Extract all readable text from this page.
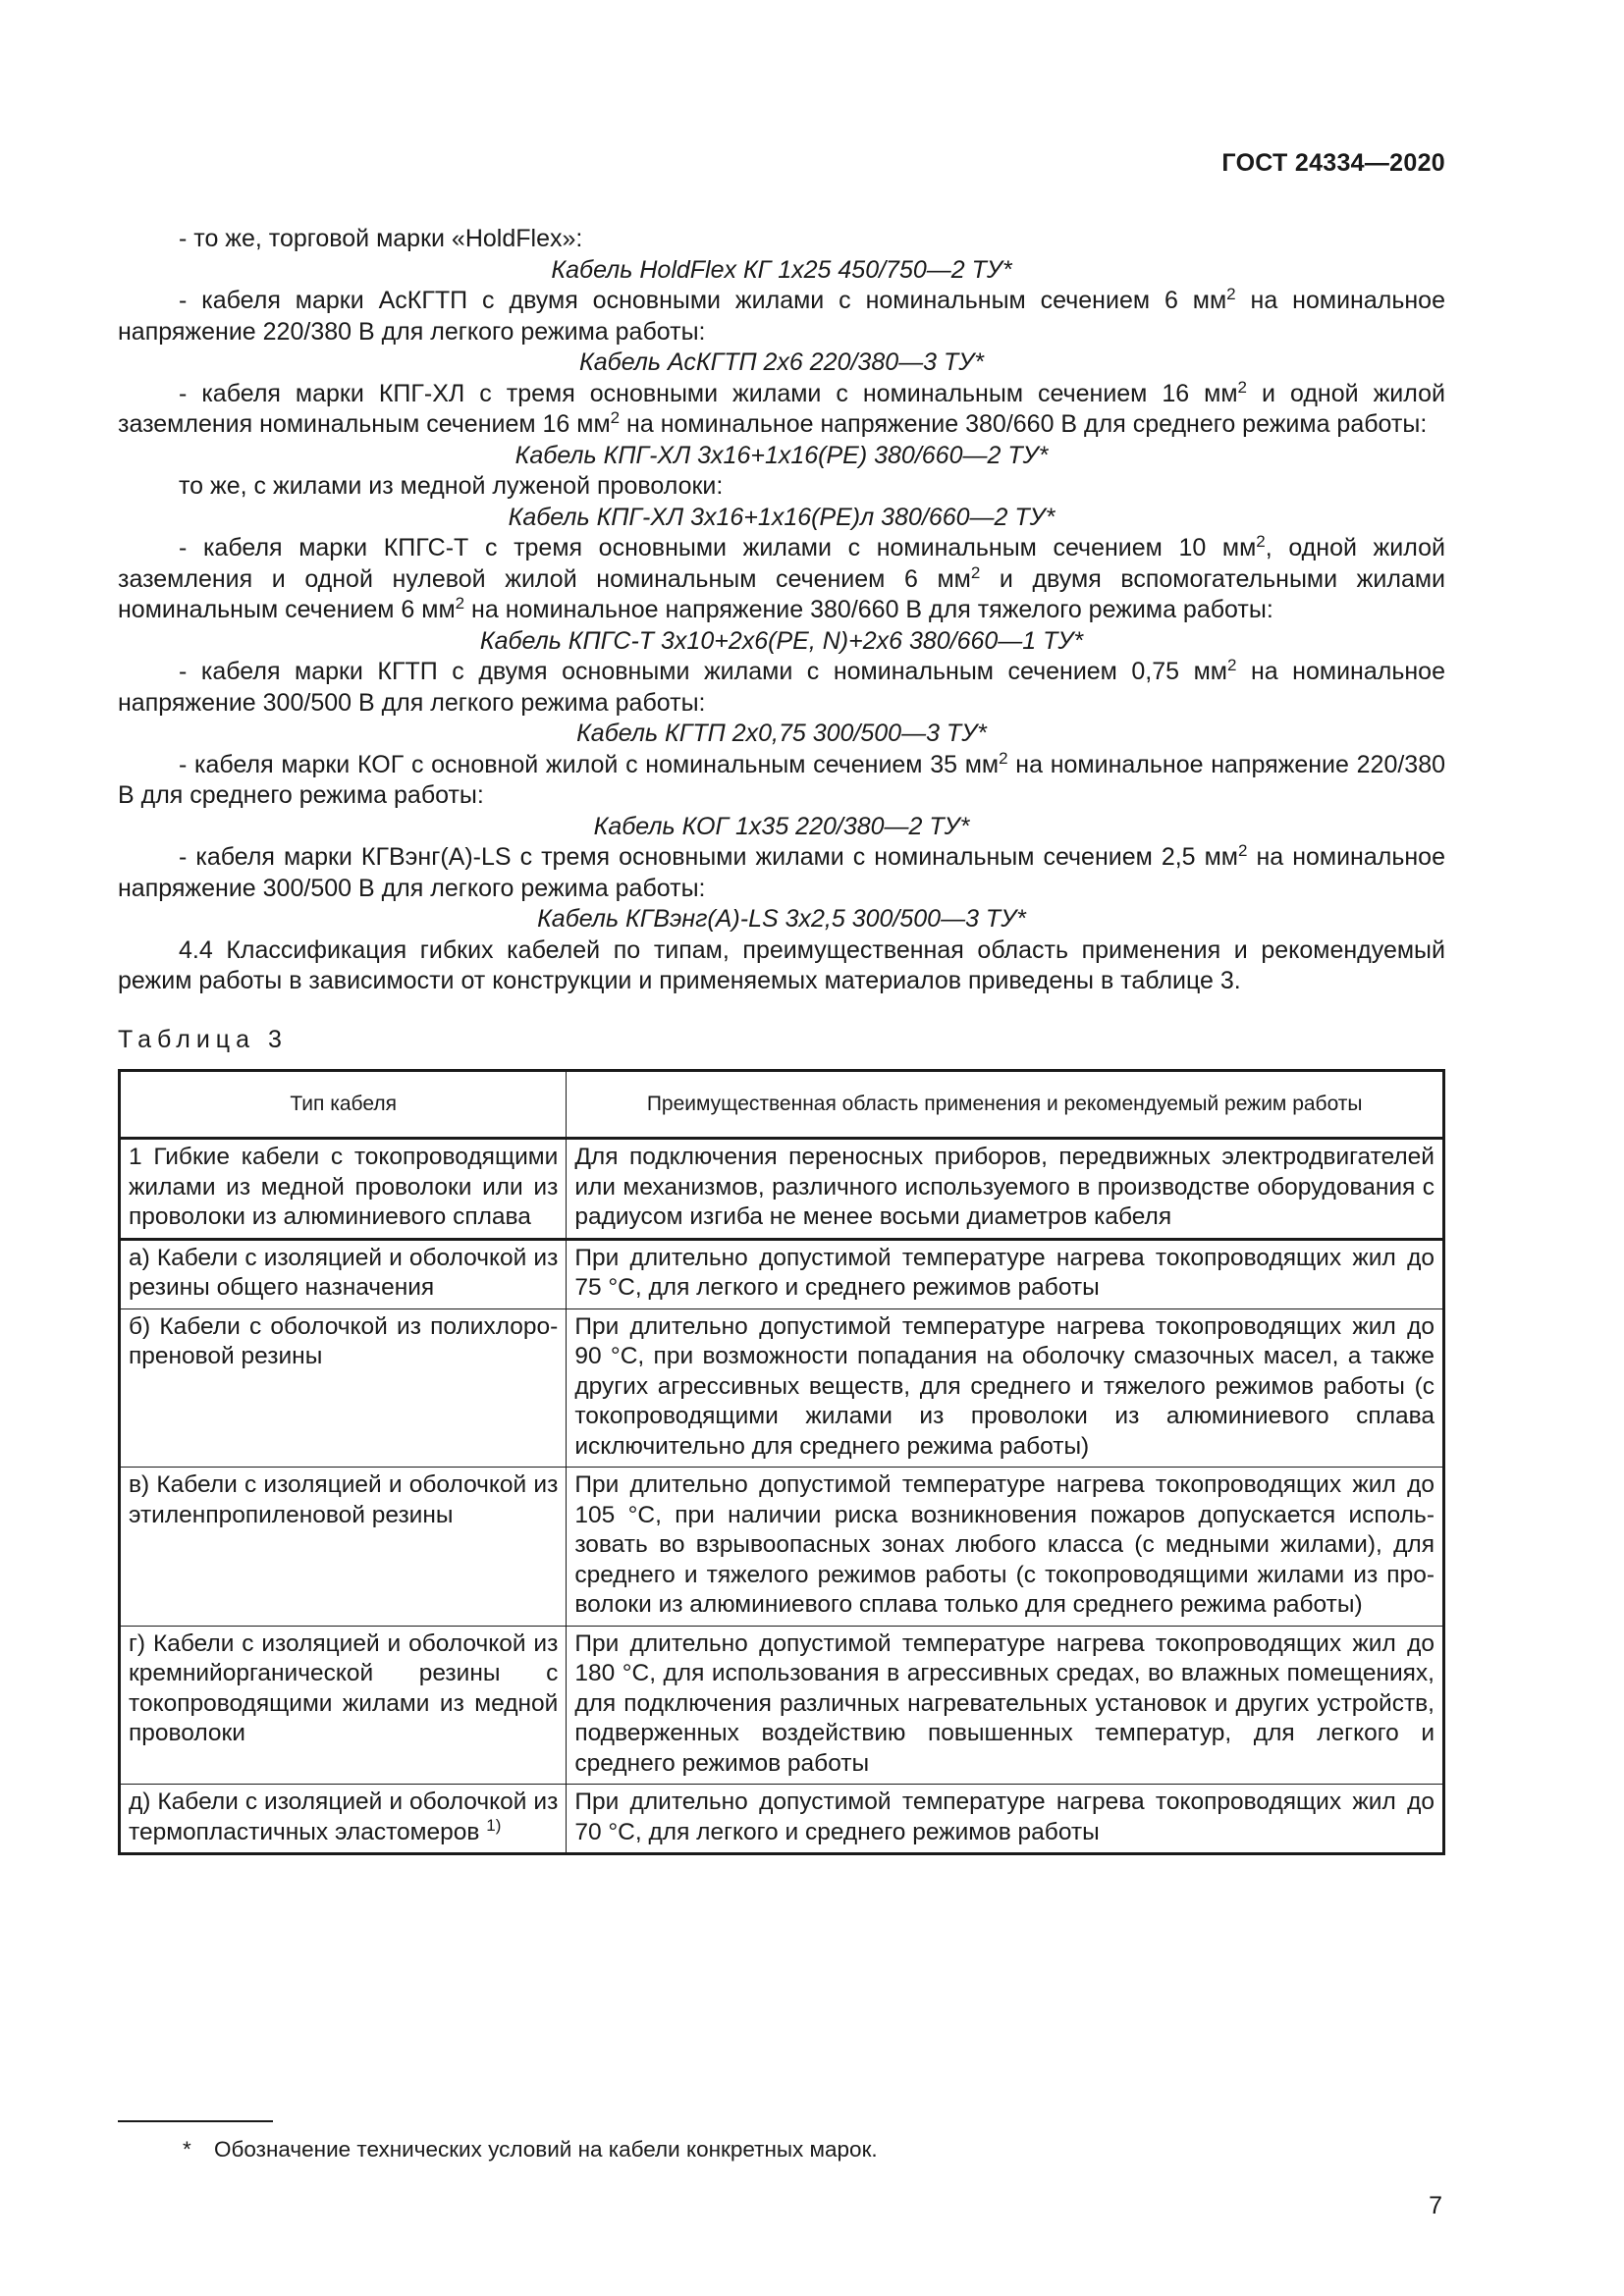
ГОСТ 24334—2020

- то же, торговой марки «HoldFlex»:

Кабель HoldFlex КГ 1х25 450/750—2 ТУ*

- кабеля марки АсКГТП с двумя основными жилами с номинальным сечением 6 $мм^2$ на номинальное напряжение 220/380 В для легкого режима работы:

Кабель АсКГТП 2х6 220/380—3 ТУ*

- кабеля марки КПГ-ХЛ с тремя основными жилами с номинальным сечением 16 $мм^2$ и одной жилой заземления номинальным сечением 16 $мм^2$ на номинальное напряжение 380/660 В для среднего режима работы:

Кабель КПГ-ХЛ 3х16+1х16(PE) 380/660—2 ТУ*

то же, с жилами из медной луженой проволоки:

Кабель КПГ-ХЛ 3х16+1х16(PE)л 380/660—2 ТУ*

- кабеля марки КПГС-Т с тремя основными жилами с номинальным сечением 10 $мм^2$, одной жилой заземления и одной нулевой жилой номинальным сечением 6 $мм^2$ и двумя вспомогательными жилами номинальным сечением 6 $мм^2$ на номинальное напряжение 380/660 В для тяжелого режима работы:

Кабель КПГС-Т 3х10+2х6(PE, N)+2х6 380/660—1 ТУ*

- кабеля марки КГТП с двумя основными жилами с номинальным сечением 0,75 $мм^2$ на номинальное напряжение 300/500 В для легкого режима работы:

Кабель КГТП 2х0,75 300/500—3 ТУ*

- кабеля марки КОГ с основной жилой с номинальным сечением 35 $мм^2$ на номинальное напряжение 220/380 В для среднего режима работы:

Кабель КОГ 1х35 220/380—2 ТУ*

- кабеля марки КГВэнг(A)-LS с тремя основными жилами с номинальным сечением 2,5 $мм^2$ на номинальное напряжение 300/500 В для легкого режима работы:

Кабель КГВэнг(A)-LS 3х2,5 300/500—3 ТУ*

4.4 Классификация гибких кабелей по типам, преимущественная область применения и рекомендуемый режим работы в зависимости от конструкции и применяемых материалов приведены в таблице 3.

Таблица 3
Тип кабеля	Преимущественная область применения и рекомендуемый режим работы
1 Гибкие кабели с токопроводящими жилами из медной проволоки или из проволоки из алюминиевого сплава	Для подключения переносных приборов, передвижных электродвигателей или механизмов, различного используемого в производстве оборудования с радиусом изгиба не менее восьми диаметров кабеля
а) Кабели с изоляцией и оболочкой из резины общего назначения	При длительно допустимой температуре нагрева токопроводящих жил до 75 °С, для легкого и среднего режимов работы
б) Кабели с оболочкой из полихлоропреновой резины	При длительно допустимой температуре нагрева токопроводящих жил до 90 °С, при возможности попадания на оболочку смазочных масел, а также других агрессивных веществ, для среднего и тяжелого режимов работы (с токопроводящими жилами из проволоки из алюминиевого сплава исключительно для среднего режима работы)
в) Кабели с изоляцией и оболочкой из этиленпропиленовой резины	При длительно допустимой температуре нагрева токопроводящих жил до 105 °С, при наличии риска возникновения пожаров допускается использовать во взрывоопасных зонах любого класса (с медными жилами), для среднего и тяжелого режимов работы (с токопроводящими жилами из проволоки из алюминиевого сплава только для среднего режима работы)
г) Кабели с изоляцией и оболочкой из кремнийорганической резины с токопроводящими жилами из медной проволоки	При длительно допустимой температуре нагрева токопроводящих жил до 180 °С, для использования в агрессивных средах, во влажных помещениях, для подключения различных нагревательных установок и других устройств, подверженных воздействию повышенных температур, для легкого и среднего режимов работы
д) Кабели с изоляцией и оболочкой из термопластичных эластомеров $^{1)}$	При длительно допустимой температуре нагрева токопроводящих жил до 70 °С, для легкого и среднего режимов работы
* Обозначение технических условий на кабели конкретных марок.
7
